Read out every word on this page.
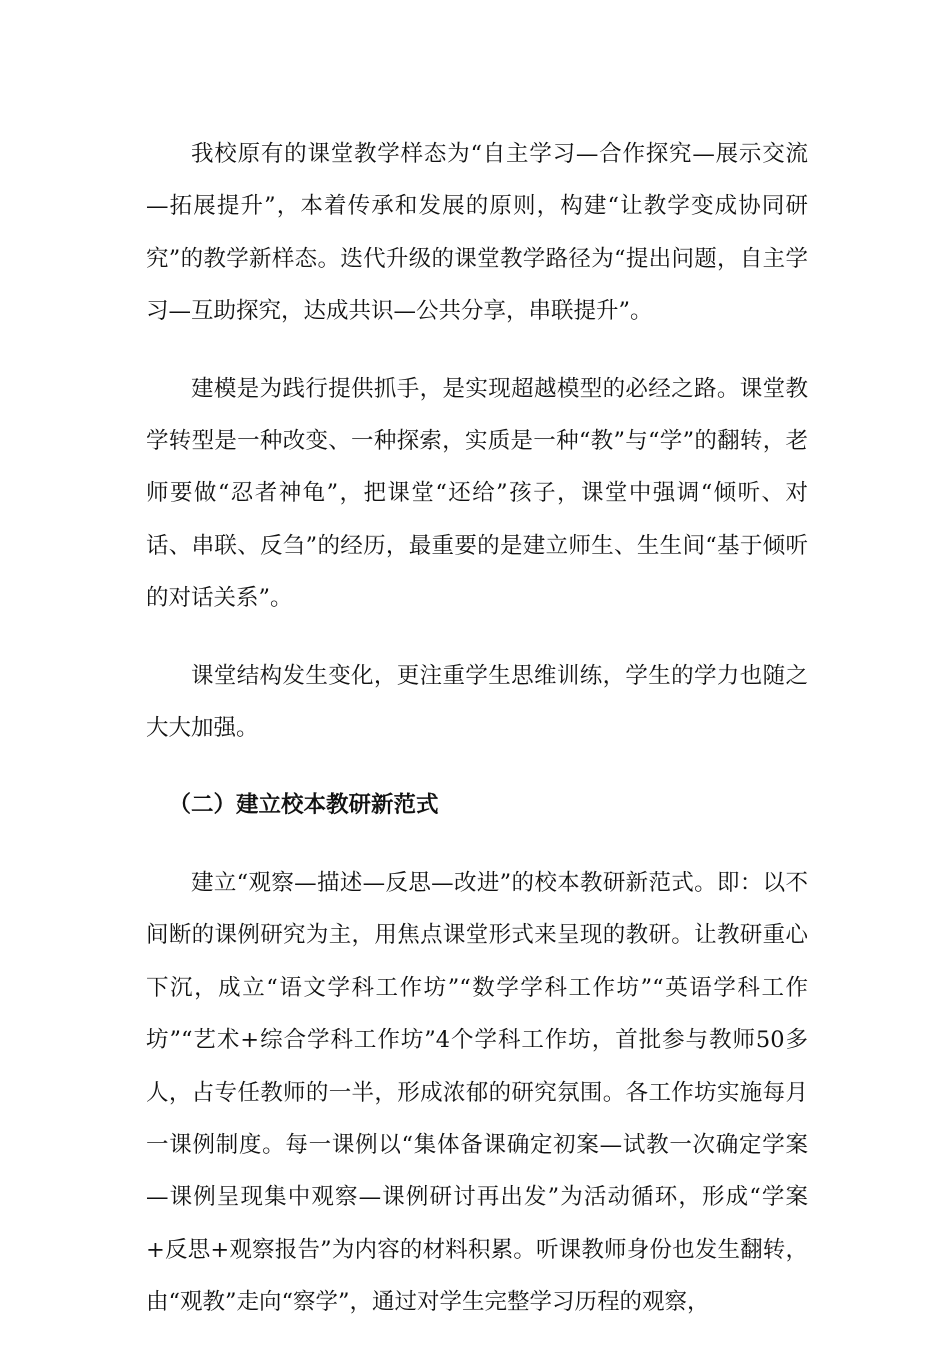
我校原有的课堂教学样态为“自主学习—合作探究—展示交流—拓展提升”，本着传承和发展的原则，构建“让教学变成协同研究”的教学新样态。迭代升级的课堂教学路径为“提出问题，自主学习—互助探究，达成共识—公共分享，串联提升”。

建模是为践行提供抓手，是实现超越模型的必经之路。课堂教学转型是一种改变、一种探索，实质是一种“教”与“学”的翻转，老师要做“忍者神龟”，把课堂“还给”孩子，课堂中强调“倾听、对话、串联、反刍”的经历，最重要的是建立师生、生生间“基于倾听的对话关系”。

课堂结构发生变化，更注重学生思维训练，学生的学力也随之大大加强。

（二）建立校本教研新范式

建立“观察—描述—反思—改进”的校本教研新范式。即：以不间断的课例研究为主，用焦点课堂形式来呈现的教研。让教研重心下沉，成立“语文学科工作坊”“数学学科工作坊”“英语学科工作坊”“艺术+综合学科工作坊”4个学科工作坊，首批参与教师50多人，占专任教师的一半，形成浓郁的研究氛围。各工作坊实施每月一课例制度。每一课例以“集体备课确定初案—试教一次确定学案—课例呈现集中观察—课例研讨再出发”为活动循环，形成“学案+反思+观察报告”为内容的材料积累。听课教师身份也发生翻转，由“观教”走向“察学”，通过对学生完整学习历程的观察，
